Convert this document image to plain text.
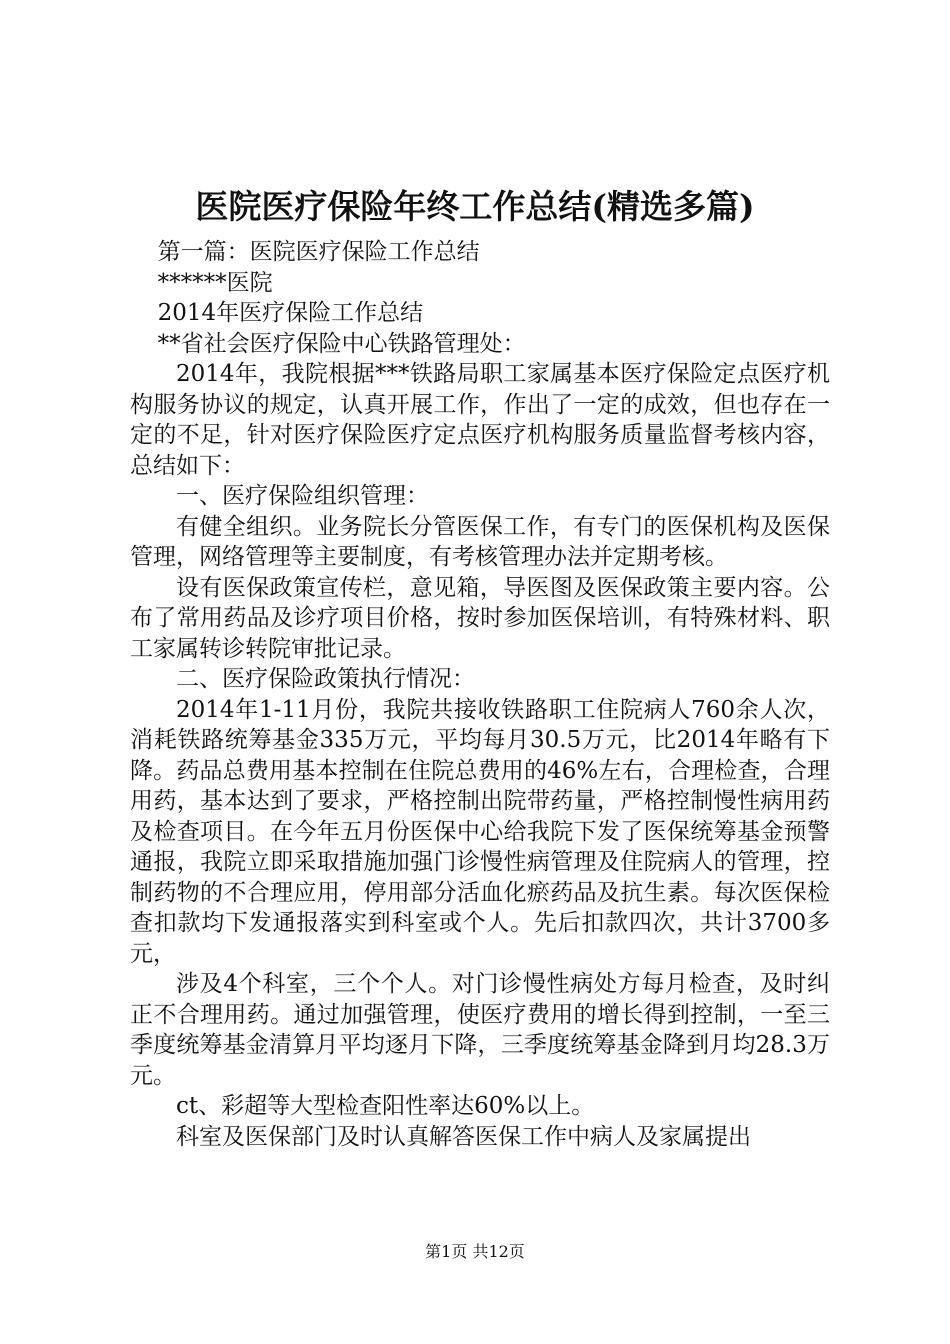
医院医疗保险年终工作总结(精选多篇)

第一篇：医院医疗保险工作总结

******医院

2014年医疗保险工作总结

**省社会医疗保险中心铁路管理处：

2014年，我院根据***铁路局职工家属基本医疗保险定点医疗机构服务协议的规定，认真开展工作，作出了一定的成效，但也存在一定的不足，针对医疗保险医疗定点医疗机构服务质量监督考核内容，总结如下：

一、医疗保险组织管理：

有健全组织。业务院长分管医保工作，有专门的医保机构及医保管理，网络管理等主要制度，有考核管理办法并定期考核。

设有医保政策宣传栏，意见箱，导医图及医保政策主要内容。公布了常用药品及诊疗项目价格，按时参加医保培训，有特殊材料、职工家属转诊转院审批记录。

二、医疗保险政策执行情况：

2014年1-11月份，我院共接收铁路职工住院病人760余人次，消耗铁路统筹基金335万元，平均每月30.5万元，比2014年略有下降。药品总费用基本控制在住院总费用的46%左右，合理检查，合理用药，基本达到了要求，严格控制出院带药量，严格控制慢性病用药及检查项目。在今年五月份医保中心给我院下发了医保统筹基金预警通报，我院立即采取措施加强门诊慢性病管理及住院病人的管理，控制药物的不合理应用，停用部分活血化瘀药品及抗生素。每次医保检查扣款均下发通报落实到科室或个人。先后扣款四次，共计3700多元，

涉及4个科室，三个个人。对门诊慢性病处方每月检查，及时纠正不合理用药。通过加强管理，使医疗费用的增长得到控制，一至三季度统筹基金清算月平均逐月下降，三季度统筹基金降到月均28.3万元。

ct、彩超等大型检查阳性率达60%以上。

科室及医保部门及时认真解答医保工作中病人及家属提出

第1页 共12页
